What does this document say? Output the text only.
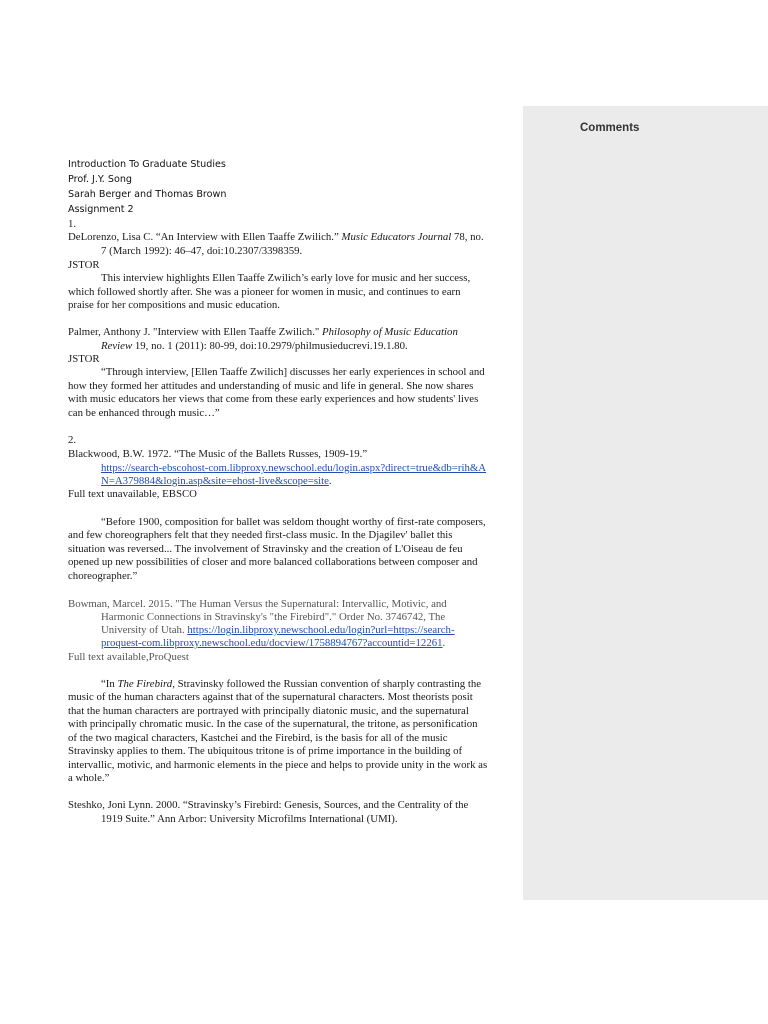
Comments
Introduction To Graduate Studies
Prof. J.Y. Song
Sarah Berger and Thomas Brown
Assignment 2
1.
DeLorenzo, Lisa C. “An Interview with Ellen Taaffe Zwilich.” Music Educators Journal 78, no.
7 (March 1992): 46–47, doi:10.2307/3398359.
JSTOR
This interview highlights Ellen Taaffe Zwilich’s early love for music and her success,
which followed shortly after. She was a pioneer for women in music, and continues to earn
praise for her compositions and music education.
Palmer, Anthony J. "Interview with Ellen Taaffe Zwilich." Philosophy of Music Education
Review 19, no. 1 (2011): 80-99, doi:10.2979/philmusieducrevi.19.1.80.
JSTOR
“Through interview, [Ellen Taaffe Zwilich] discusses her early experiences in school and
how they formed her attitudes and understanding of music and life in general. She now shares
with music educators her views that come from these early experiences and how students' lives
can be enhanced through music…”
2.
Blackwood, B.W. 1972. “The Music of the Ballets Russes, 1909-19.”
https://search-ebscohost-com.libproxy.newschool.edu/login.aspx?direct=true&db=rih&A
N=A379884&login.asp&site=ehost-live&scope=site.
Full text unavailable, EBSCO
“Before 1900, composition for ballet was seldom thought worthy of first-rate composers,
and few choreographers felt that they needed first-class music. In the Djagilev' ballet this
situation was reversed... The involvement of Stravinsky and the creation of L'Oiseau de feu
opened up new possibilities of closer and more balanced collaborations between composer and
choreographer.”
Bowman, Marcel. 2015. "The Human Versus the Supernatural: Intervallic, Motivic, and
Harmonic Connections in Stravinsky's "the Firebird"." Order No. 3746742, The
University of Utah. https://login.libproxy.newschool.edu/login?url=https://search-
proquest-com.libproxy.newschool.edu/docview/1758894767?accountid=12261.
Full text available,ProQuest
“In The Firebird, Stravinsky followed the Russian convention of sharply contrasting the
music of the human characters against that of the supernatural characters. Most theorists posit
that the human characters are portrayed with principally diatonic music, and the supernatural
with principally chromatic music. In the case of the supernatural, the tritone, as personification
of the two magical characters, Kastchei and the Firebird, is the basis for all of the music
Stravinsky applies to them. The ubiquitous tritone is of prime importance in the building of
intervallic, motivic, and harmonic elements in the piece and helps to provide unity in the work as
a whole.”
Steshko, Joni Lynn. 2000. “Stravinsky’s Firebird: Genesis, Sources, and the Centrality of the
1919 Suite.” Ann Arbor: University Microfilms International (UMI).
